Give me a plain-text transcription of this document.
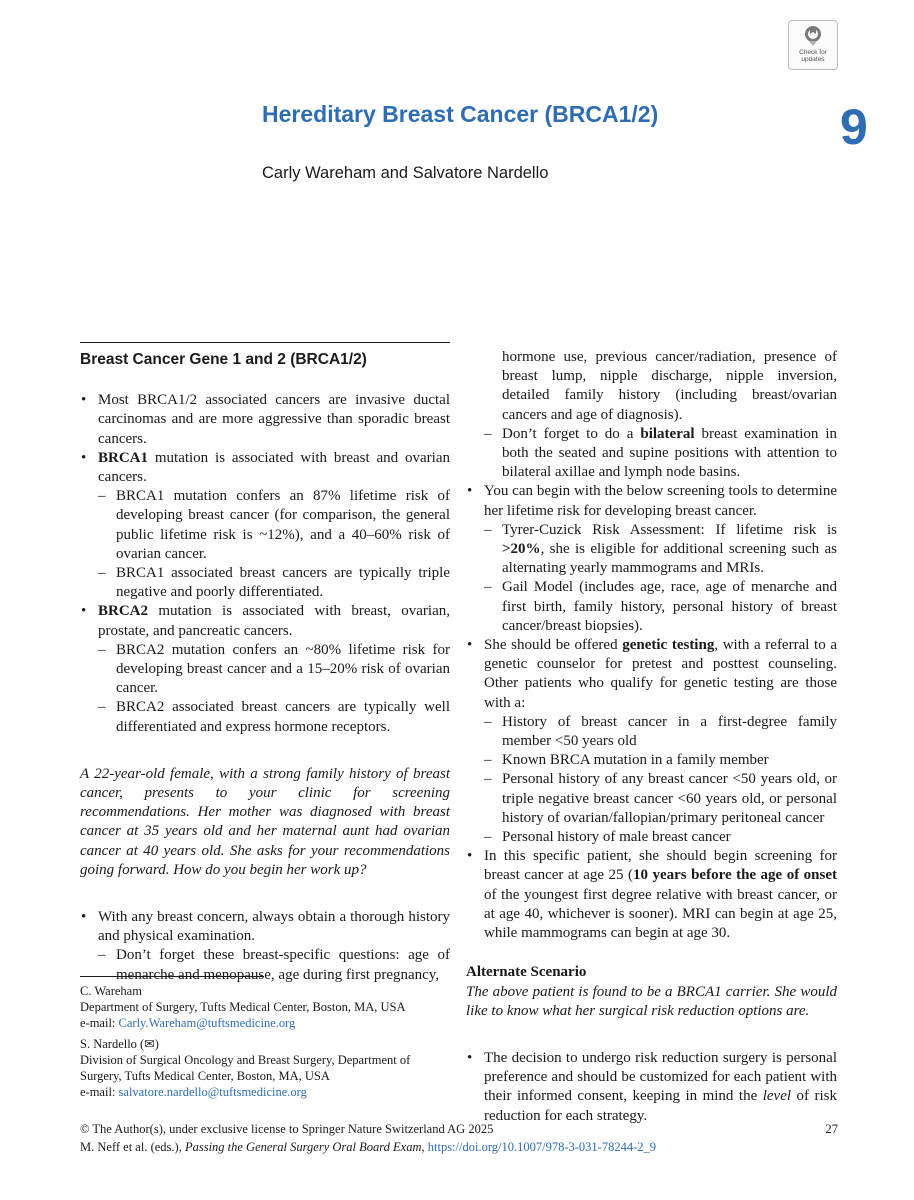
Check for
updates
Hereditary Breast Cancer (BRCA1/2)	9
Carly Wareham and Salvatore Nardello
Breast Cancer Gene 1 and 2 (BRCA1/2)
• Most BRCA1/2 associated cancers are invasive ductal carcinomas and are more aggressive than sporadic breast cancers.
• BRCA1 mutation is associated with breast and ovarian cancers.
– BRCA1 mutation confers an 87% lifetime risk of developing breast cancer (for comparison, the general public lifetime risk is ~12%), and a 40–60% risk of ovarian cancer.
– BRCA1 associated breast cancers are typically triple negative and poorly differentiated.
• BRCA2 mutation is associated with breast, ovarian, prostate, and pancreatic cancers.
– BRCA2 mutation confers an ~80% lifetime risk for developing breast cancer and a 15–20% risk of ovarian cancer.
– BRCA2 associated breast cancers are typically well differentiated and express hormone receptors.
A 22-year-old female, with a strong family history of breast cancer, presents to your clinic for screening recommendations. Her mother was diagnosed with breast cancer at 35 years old and her maternal aunt had ovarian cancer at 40 years old. She asks for your recommendations going forward. How do you begin her work up?
• With any breast concern, always obtain a thorough history and physical examination.
– Don’t forget these breast-specific questions: age of menarche and menopause, age during first pregnancy,
hormone use, previous cancer/radiation, presence of breast lump, nipple discharge, nipple inversion, detailed family history (including breast/ovarian cancers and age of diagnosis).
– Don’t forget to do a bilateral breast examination in both the seated and supine positions with attention to bilateral axillae and lymph node basins.
• You can begin with the below screening tools to determine her lifetime risk for developing breast cancer.
– Tyrer-Cuzick Risk Assessment: If lifetime risk is >20%, she is eligible for additional screening such as alternating yearly mammograms and MRIs.
– Gail Model (includes age, race, age of menarche and first birth, family history, personal history of breast cancer/breast biopsies).
• She should be offered genetic testing, with a referral to a genetic counselor for pretest and posttest counseling. Other patients who qualify for genetic testing are those with a:
– History of breast cancer in a first-degree family member <50 years old
– Known BRCA mutation in a family member
– Personal history of any breast cancer <50 years old, or triple negative breast cancer <60 years old, or personal history of ovarian/fallopian/primary peritoneal cancer
– Personal history of male breast cancer
• In this specific patient, she should begin screening for breast cancer at age 25 (10 years before the age of onset of the youngest first degree relative with breast cancer, or at age 40, whichever is sooner). MRI can begin at age 25, while mammograms can begin at age 30.
Alternate Scenario
The above patient is found to be a BRCA1 carrier. She would like to know what her surgical risk reduction options are.
• The decision to undergo risk reduction surgery is personal preference and should be customized for each patient with their informed consent, keeping in mind the level of risk reduction for each strategy.
C. Wareham
Department of Surgery, Tufts Medical Center, Boston, MA, USA
e-mail: Carly.Wareham@tuftsmedicine.org
S. Nardello (✉)
Division of Surgical Oncology and Breast Surgery, Department of Surgery, Tufts Medical Center, Boston, MA, USA
e-mail: salvatore.nardello@tuftsmedicine.org
© The Author(s), under exclusive license to Springer Nature Switzerland AG 2025
M. Neff et al. (eds.), Passing the General Surgery Oral Board Exam, https://doi.org/10.1007/978-3-031-78244-2_9
27
